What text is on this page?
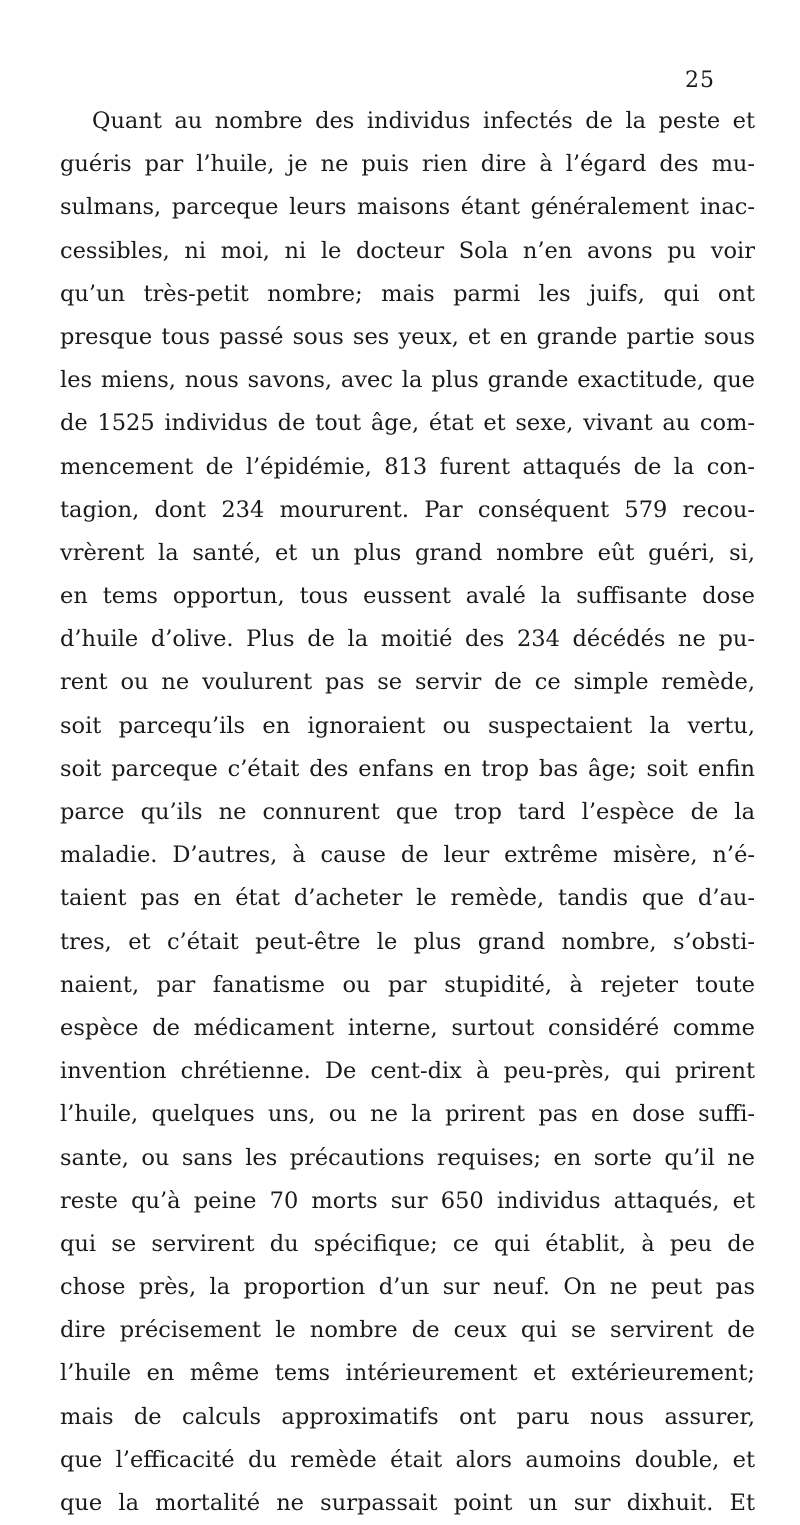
25
Quant au nombre des individus infectés de la peste et
guéris par l’huile, je ne puis rien dire à l’égard des mu-
sulmans, parceque leurs maisons étant généralement inac-
cessibles, ni moi, ni le docteur Sola n’en avons pu voir
qu’un très-petit nombre; mais parmi les juifs, qui ont
presque tous passé sous ses yeux, et en grande partie sous
les miens, nous savons, avec la plus grande exactitude, que
de 1525 individus de tout âge, état et sexe, vivant au com-
mencement de l’épidémie, 813 furent attaqués de la con-
tagion, dont 234 moururent. Par conséquent 579 recou-
vrèrent la santé, et un plus grand nombre eût guéri, si,
en tems opportun, tous eussent avalé la suffisante dose
d’huile d’olive. Plus de la moitié des 234 décédés ne pu-
rent ou ne voulurent pas se servir de ce simple remède,
soit parcequ’ils en ignoraient ou suspectaient la vertu,
soit parceque c’était des enfans en trop bas âge; soit enfin
parce qu’ils ne connurent que trop tard l’espèce de la
maladie. D’autres, à cause de leur extrême misère, n’é-
taient pas en état d’acheter le remède, tandis que d’au-
tres, et c’était peut-être le plus grand nombre, s’obsti-
naient, par fanatisme ou par stupidité, à rejeter toute
espèce de médicament interne, surtout considéré comme
invention chrétienne. De cent-dix à peu-près, qui prirent
l’huile, quelques uns, ou ne la prirent pas en dose suffi-
sante, ou sans les précautions requises; en sorte qu’il ne
reste qu’à peine 70 morts sur 650 individus attaqués, et
qui se servirent du spécifique; ce qui établit, à peu de
chose près, la proportion d’un sur neuf. On ne peut pas
dire précisement le nombre de ceux qui se servirent de
l’huile en même tems intérieurement et extérieurement;
mais de calculs approximatifs ont paru nous assurer,
que l’efficacité du remède était alors aumoins double, et
que la mortalité ne surpassait point un sur dixhuit. Et
